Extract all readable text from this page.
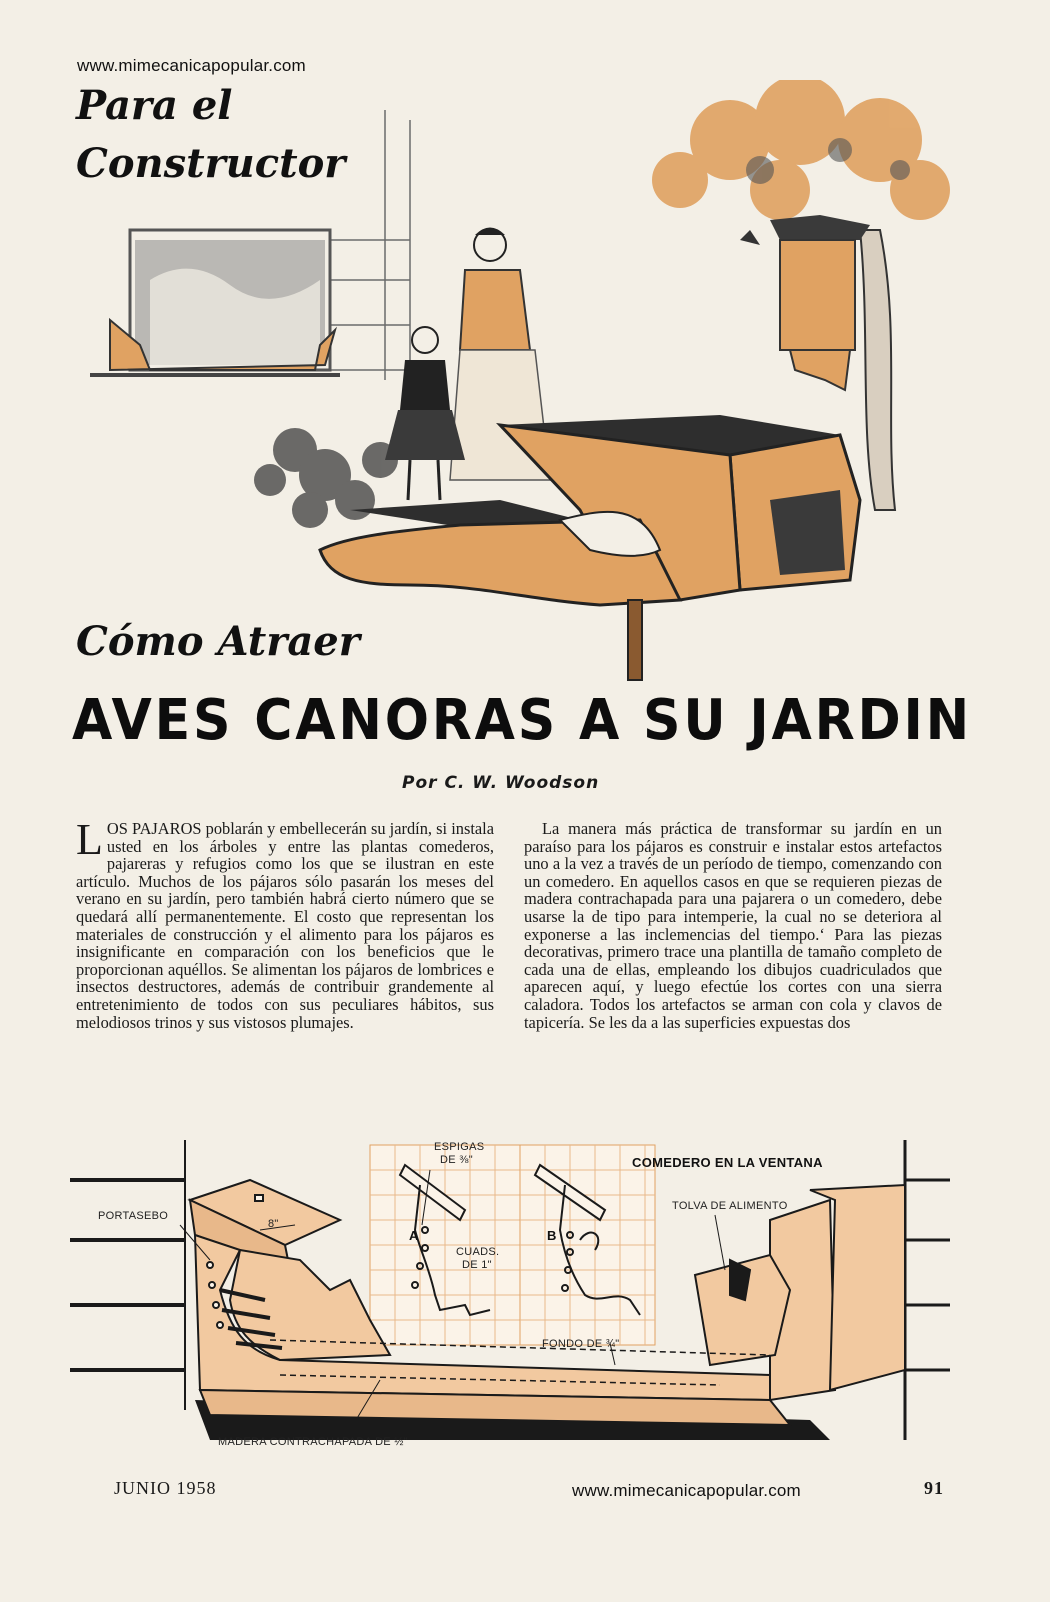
www.mimecanicapopular.com
Para el
Constructor
Cómo Atraer
AVES CANORAS A SU JARDIN
Por C. W. Woodson
LOS PAJAROS poblarán y embellecerán su jardín, si instala usted en los árboles y entre las plantas comederos, pajareras y refugios como los que se ilustran en este artículo. Muchos de los pájaros sólo pasarán los meses del verano en su jardín, pero también habrá cierto número que se quedará allí permanentemente. El costo que representan los materiales de construcción y el alimento para los pájaros es insignificante en comparación con los beneficios que le proporcionan aquéllos. Se alimentan los pájaros de lombrices e insectos destructores, además de contribuir grandemente al entretenimiento de todos con sus peculiares hábitos, sus melodiosos trinos y sus vistosos plumajes.

La manera más práctica de transformar su jardín en un paraíso para los pájaros es construir e instalar estos artefactos uno a la vez a través de un período de tiempo, comenzando con un comedero. En aquellos casos en que se requieren piezas de madera contrachapada para una pajarera o un comedero, debe usarse la de tipo para intemperie, la cual no se deteriora al exponerse a las inclemencias del tiempo.‘ Para las piezas decorativas, primero trace una plantilla de tamaño completo de cada una de ellas, empleando los dibujos cuadriculados que aparecen aquí, y luego efectúe los cortes con una sierra caladora. Todos los artefactos se arman con cola y clavos de tapicería. Se les da a las superficies expuestas dos

COMEDERO EN LA VENTANA
PORTASEBO
8"
ESPIGAS
DE ⅜"
A	B
CUADS.
DE 1"
TOLVA DE ALIMENTO
FONDO DE ¾"
MADERA CONTRACHAPADA DE ½"
JUNIO 1958	www.mimecanicapopular.com	91
